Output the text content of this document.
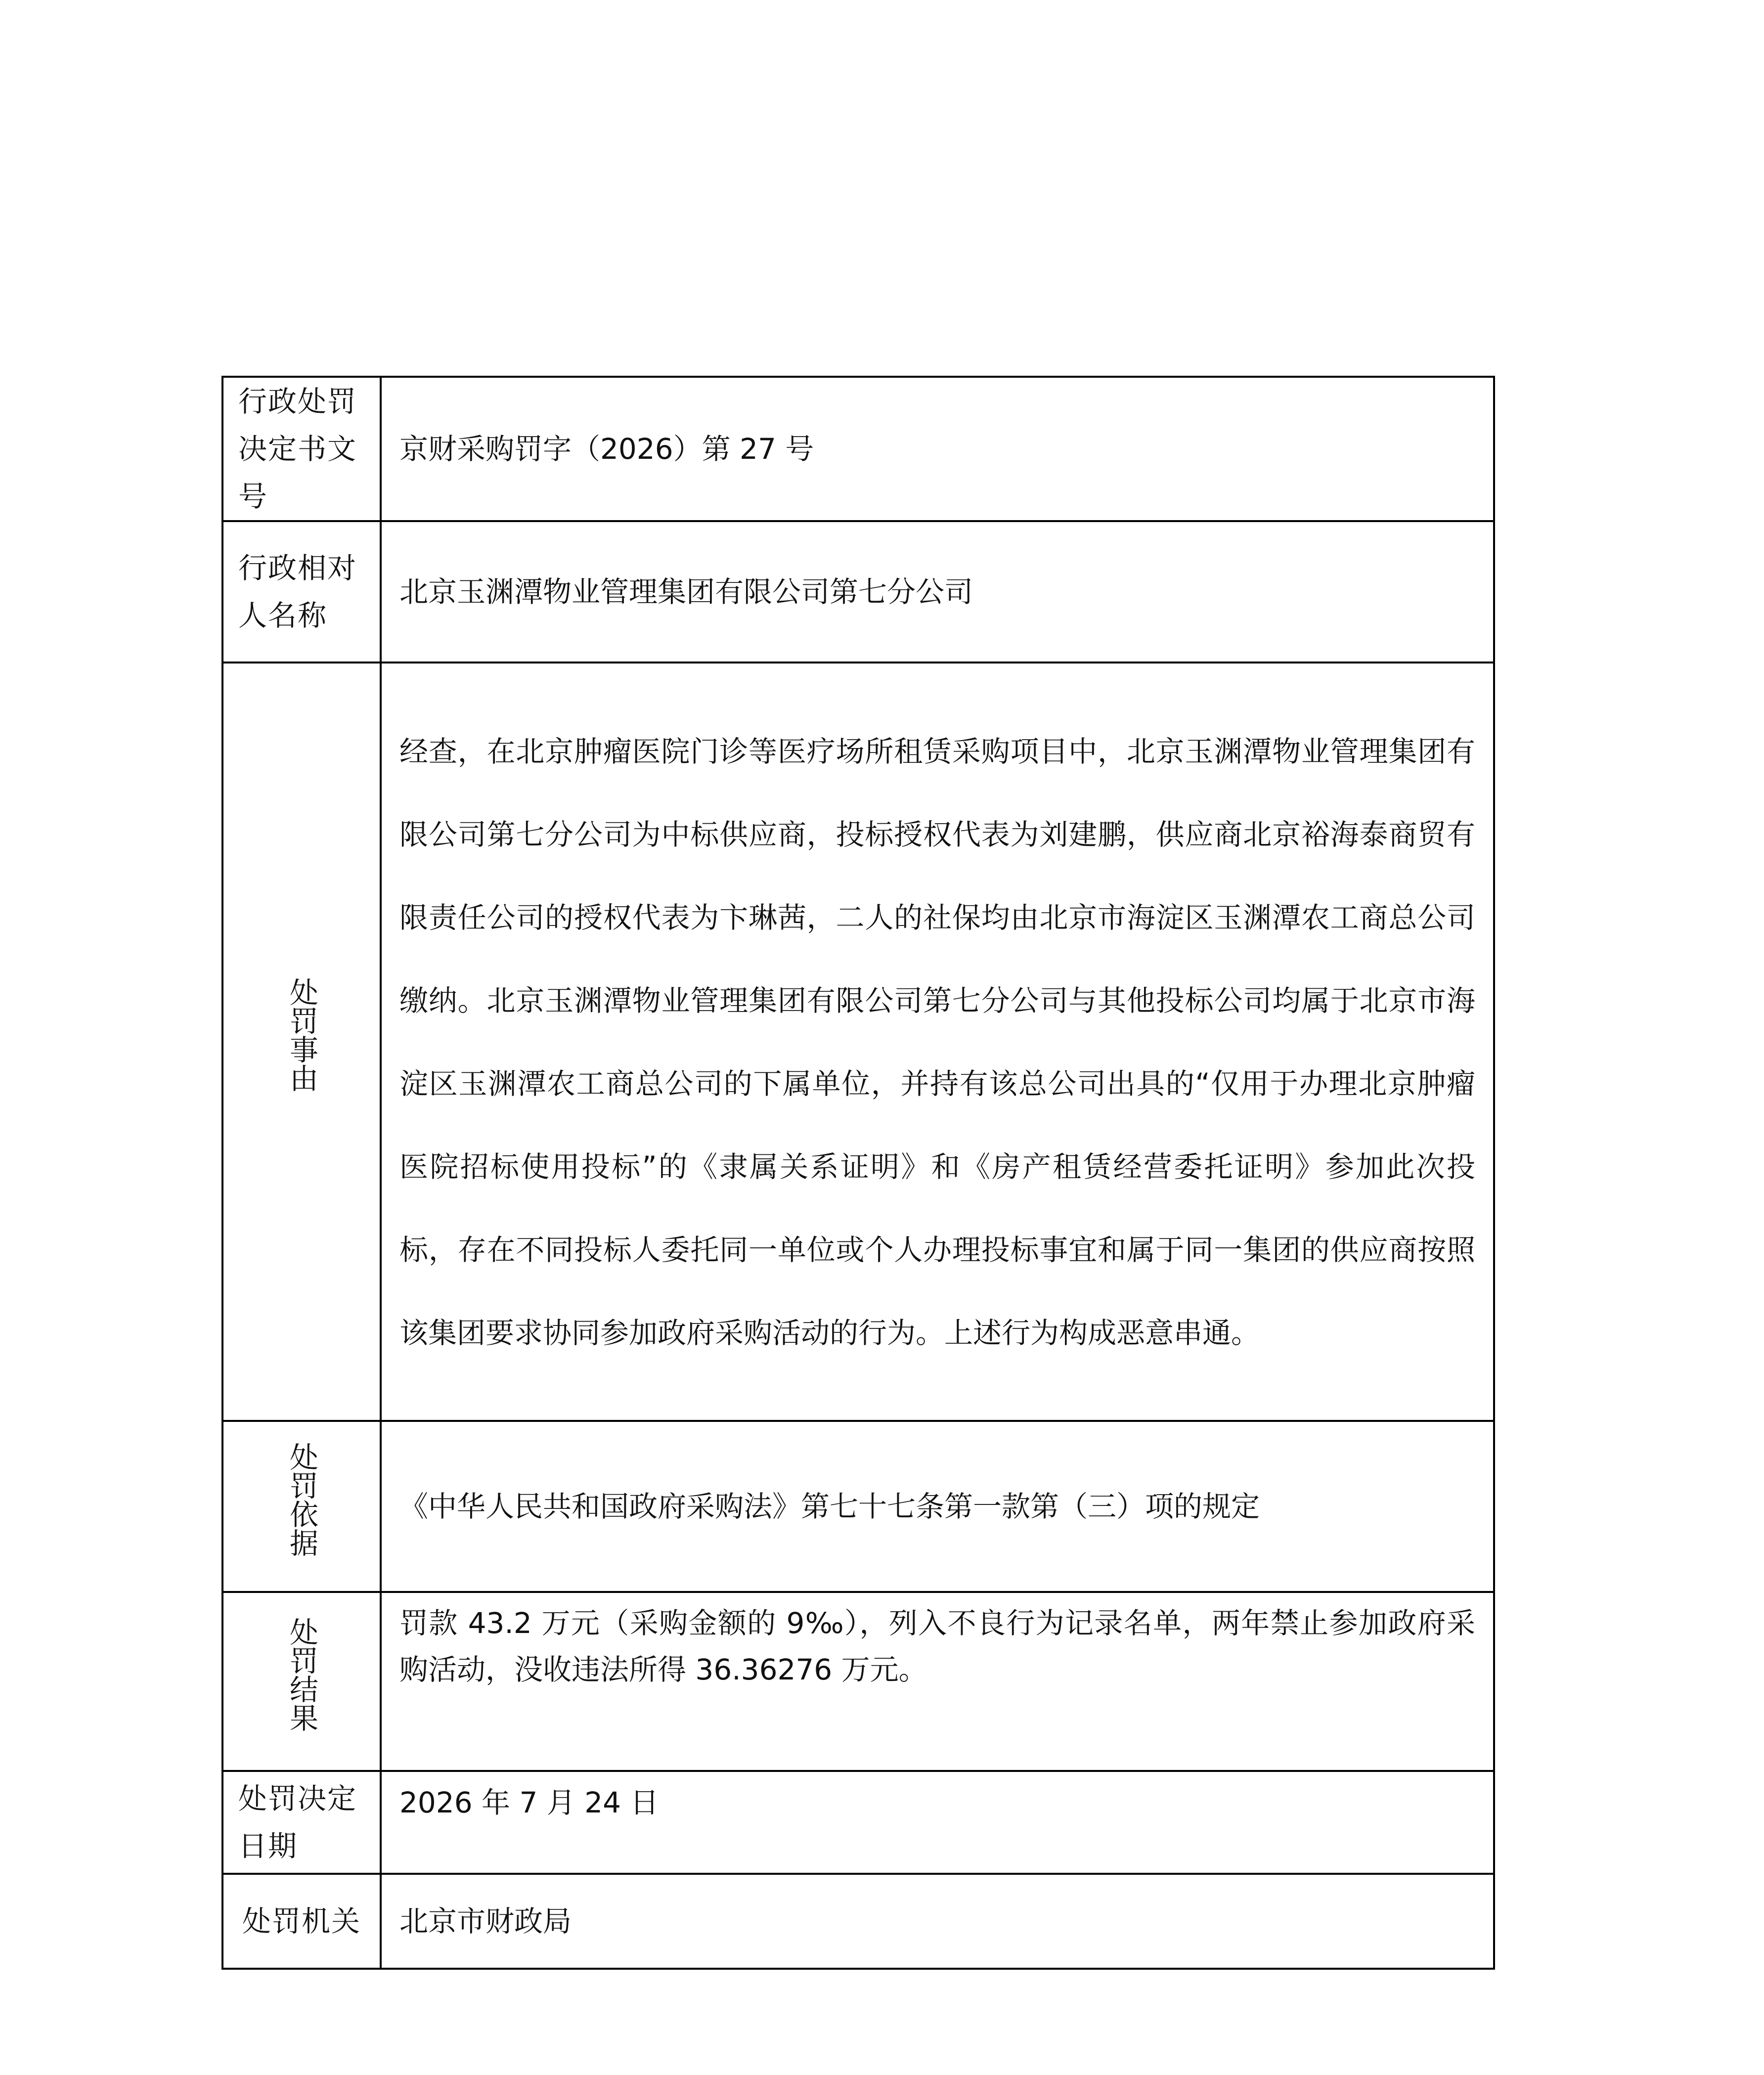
行政处罚决定书文号	京财采购罚字（2026）第 27 号
行政相对人名称	北京玉渊潭物业管理集团有限公司第七分公司
处罚事由	经查，在北京肿瘤医院门诊等医疗场所租赁采购项目中，北京玉渊潭物业管理集团有限公司第七分公司为中标供应商，投标授权代表为刘建鹏，供应商北京裕海泰商贸有限责任公司的授权代表为卞琳茜，二人的社保均由北京市海淀区玉渊潭农工商总公司缴纳。北京玉渊潭物业管理集团有限公司第七分公司与其他投标公司均属于北京市海淀区玉渊潭农工商总公司的下属单位，并持有该总公司出具的“仅用于办理北京肿瘤医院招标使用投标”的《隶属关系证明》和《房产租赁经营委托证明》参加此次投标，存在不同投标人委托同一单位或个人办理投标事宜和属于同一集团的供应商按照该集团要求协同参加政府采购活动的行为。上述行为构成恶意串通。
处罚依据	《中华人民共和国政府采购法》第七十七条第一款第（三）项的规定
处罚结果	罚款 43.2 万元（采购金额的 9‰），列入不良行为记录名单，两年禁止参加政府采购活动，没收违法所得 36.36276 万元。
处罚决定日期	2026 年 7 月 24 日
处罚机关	北京市财政局
